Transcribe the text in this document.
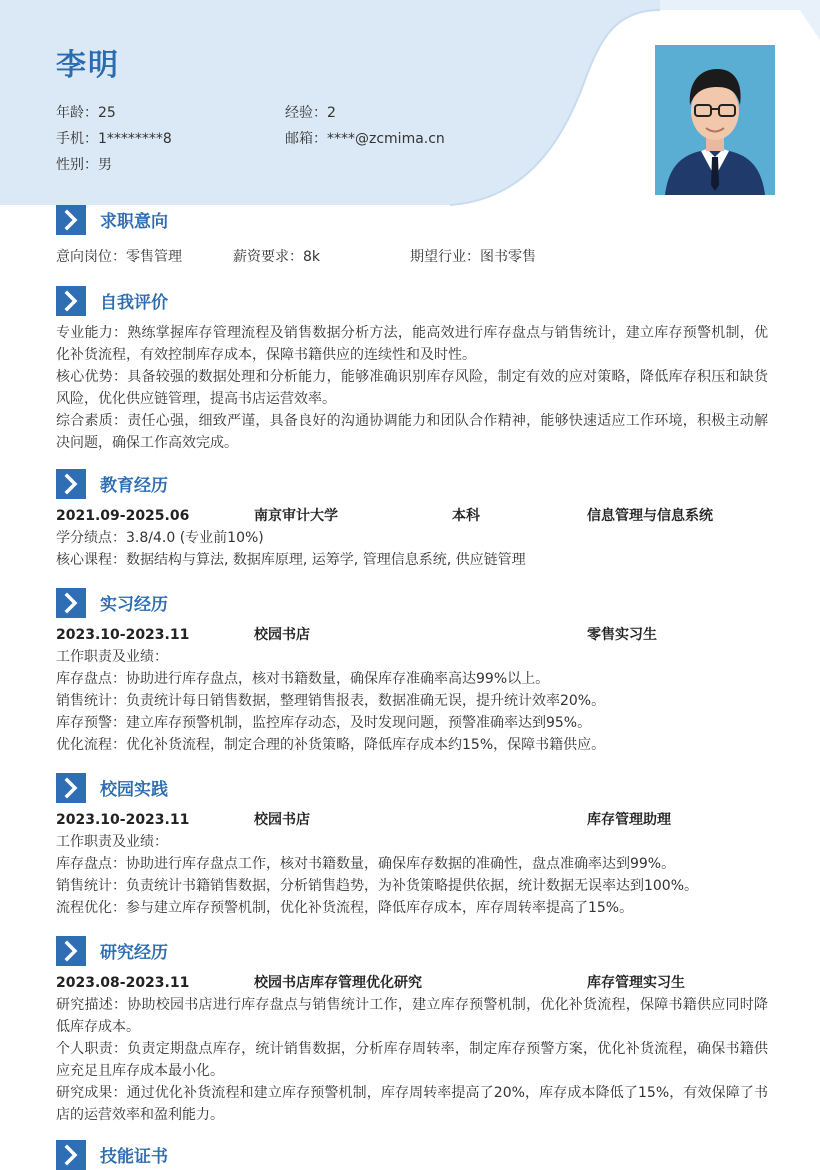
李明
年龄：25	经验：2
手机：1********8	邮箱：****@zcmima.cn
性别：男
求职意向
意向岗位：零售管理	薪资要求：8k	期望行业：图书零售
自我评价
专业能力：熟练掌握库存管理流程及销售数据分析方法，能高效进行库存盘点与销售统计，建立库存预警机制，优化补货流程，有效控制库存成本，保障书籍供应的连续性和及时性。
核心优势：具备较强的数据处理和分析能力，能够准确识别库存风险，制定有效的应对策略，降低库存积压和缺货风险，优化供应链管理，提高书店运营效率。
综合素质：责任心强，细致严谨，具备良好的沟通协调能力和团队合作精神，能够快速适应工作环境，积极主动解决问题，确保工作高效完成。
教育经历
2021.09-2025.06	南京审计大学	本科	信息管理与信息系统
学分绩点：3.8/4.0 (专业前10%)
核心课程：数据结构与算法, 数据库原理, 运筹学, 管理信息系统, 供应链管理
实习经历
2023.10-2023.11	校园书店	零售实习生
工作职责及业绩：
库存盘点：协助进行库存盘点，核对书籍数量，确保库存准确率高达99%以上。
销售统计：负责统计每日销售数据，整理销售报表，数据准确无误，提升统计效率20%。
库存预警：建立库存预警机制，监控库存动态，及时发现问题，预警准确率达到95%。
优化流程：优化补货流程，制定合理的补货策略，降低库存成本约15%，保障书籍供应。
校园实践
2023.10-2023.11	校园书店	库存管理助理
工作职责及业绩：
库存盘点：协助进行库存盘点工作，核对书籍数量，确保库存数据的准确性，盘点准确率达到99%。
销售统计：负责统计书籍销售数据，分析销售趋势，为补货策略提供依据，统计数据无误率达到100%。
流程优化：参与建立库存预警机制，优化补货流程，降低库存成本，库存周转率提高了15%。
研究经历
2023.08-2023.11	校园书店库存管理优化研究	库存管理实习生
研究描述：协助校园书店进行库存盘点与销售统计工作，建立库存预警机制，优化补货流程，保障书籍供应同时降低库存成本。
个人职责：负责定期盘点库存，统计销售数据，分析库存周转率，制定库存预警方案，优化补货流程，确保书籍供应充足且库存成本最小化。
研究成果：通过优化补货流程和建立库存预警机制，库存周转率提高了20%，库存成本降低了15%，有效保障了书店的运营效率和盈利能力。
技能证书
